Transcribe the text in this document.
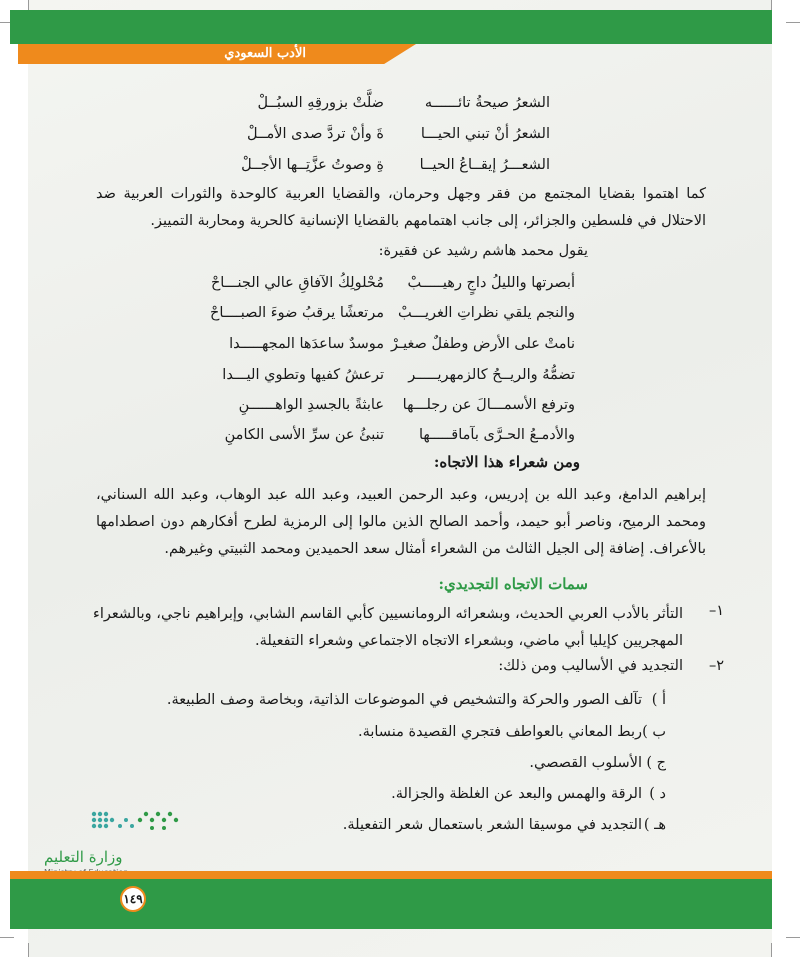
الأدب السعودي
الشعرُ صيحةُ تائــــــه
ضلَّتْ بزورقِهِ السبُــلْ
الشعرُ أنْ تبني الحيـــا
ةَ وأنْ تردَّ صدى الأمــلْ
الشعـــرُ إيقــاعُ الحيــا
ةِ وصوتُ عزَّتِــها الأجــلْ
كما اهتموا بقضايا المجتمع من فقر وجهل وحرمان، والقضايا العربية كالوحدة والثورات العربية ضد الاحتلال في فلسطين والجزائر، إلى جانب اهتمامهم بالقضايا الإنسانية كالحرية ومحاربة التمييز.
يقول محمد هاشم رشيد عن فقيرة:
أبصرتها والليلُ داجٍ رهيـــــبْ
مُحْلولِكُ الآفاقِ عالي الجنـــاحْ
والنجم يلقي نظراتِ الغريـــبْ
مرتعشًا يرقبُ ضوءَ الصبــــاحْ
نامتْ على الأرض وطفلٌ صغيـرْ
موسدٌ ساعدَها المجهـــــدا
تضمُّهُ والريــحُ كالزمهريـــــر
ترعشُ كفيها وتطوي اليـــدا
وترفع الأسمـــالَ عن رجلـــها
عابثةً بالجسدِ الواهــــــنِ
والأدمـعُ الحـرَّى بآماقـــــها
تنبئُ عن سرِّ الأسى الكامنِ
ومن شعراء هذا الاتجاه:
إبراهيم الدامغ، وعبد الله بن إدريس، وعبد الرحمن العبيد، وعبد الله عبد الوهاب، وعبد الله السناني، ومحمد الرميح، وناصر أبو حيمد، وأحمد الصالح الذين مالوا إلى الرمزية لطرح أفكارهم دون اصطدامها بالأعراف. إضافة إلى الجيل الثالث من الشعراء أمثال سعد الحميدين ومحمد الثبيتي وغيرهم.
سمات الاتجاه التجديدي:
١–
التأثر بالأدب العربي الحديث، وبشعرائه الرومانسيين كأبي القاسم الشابي، وإبراهيم ناجي، وبالشعراء المهجريين كإيليا أبي ماضي، وبشعراء الاتجاه الاجتماعي وشعراء التفعيلة.
٢–
التجديد في الأساليب ومن ذلك:
أ )
تآلف الصور والحركة والتشخيص في الموضوعات الذاتية، وبخاصة وصف الطبيعة.
ب )
ربط المعاني بالعواطف فتجري القصيدة منسابة.
ج )
الأسلوب القصصي.
د )
الرقة والهمس والبعد عن الغلظة والجزالة.
هـ )
التجديد في موسيقا الشعر باستعمال شعر التفعيلة.
وزارة التعليم
١٤٩
